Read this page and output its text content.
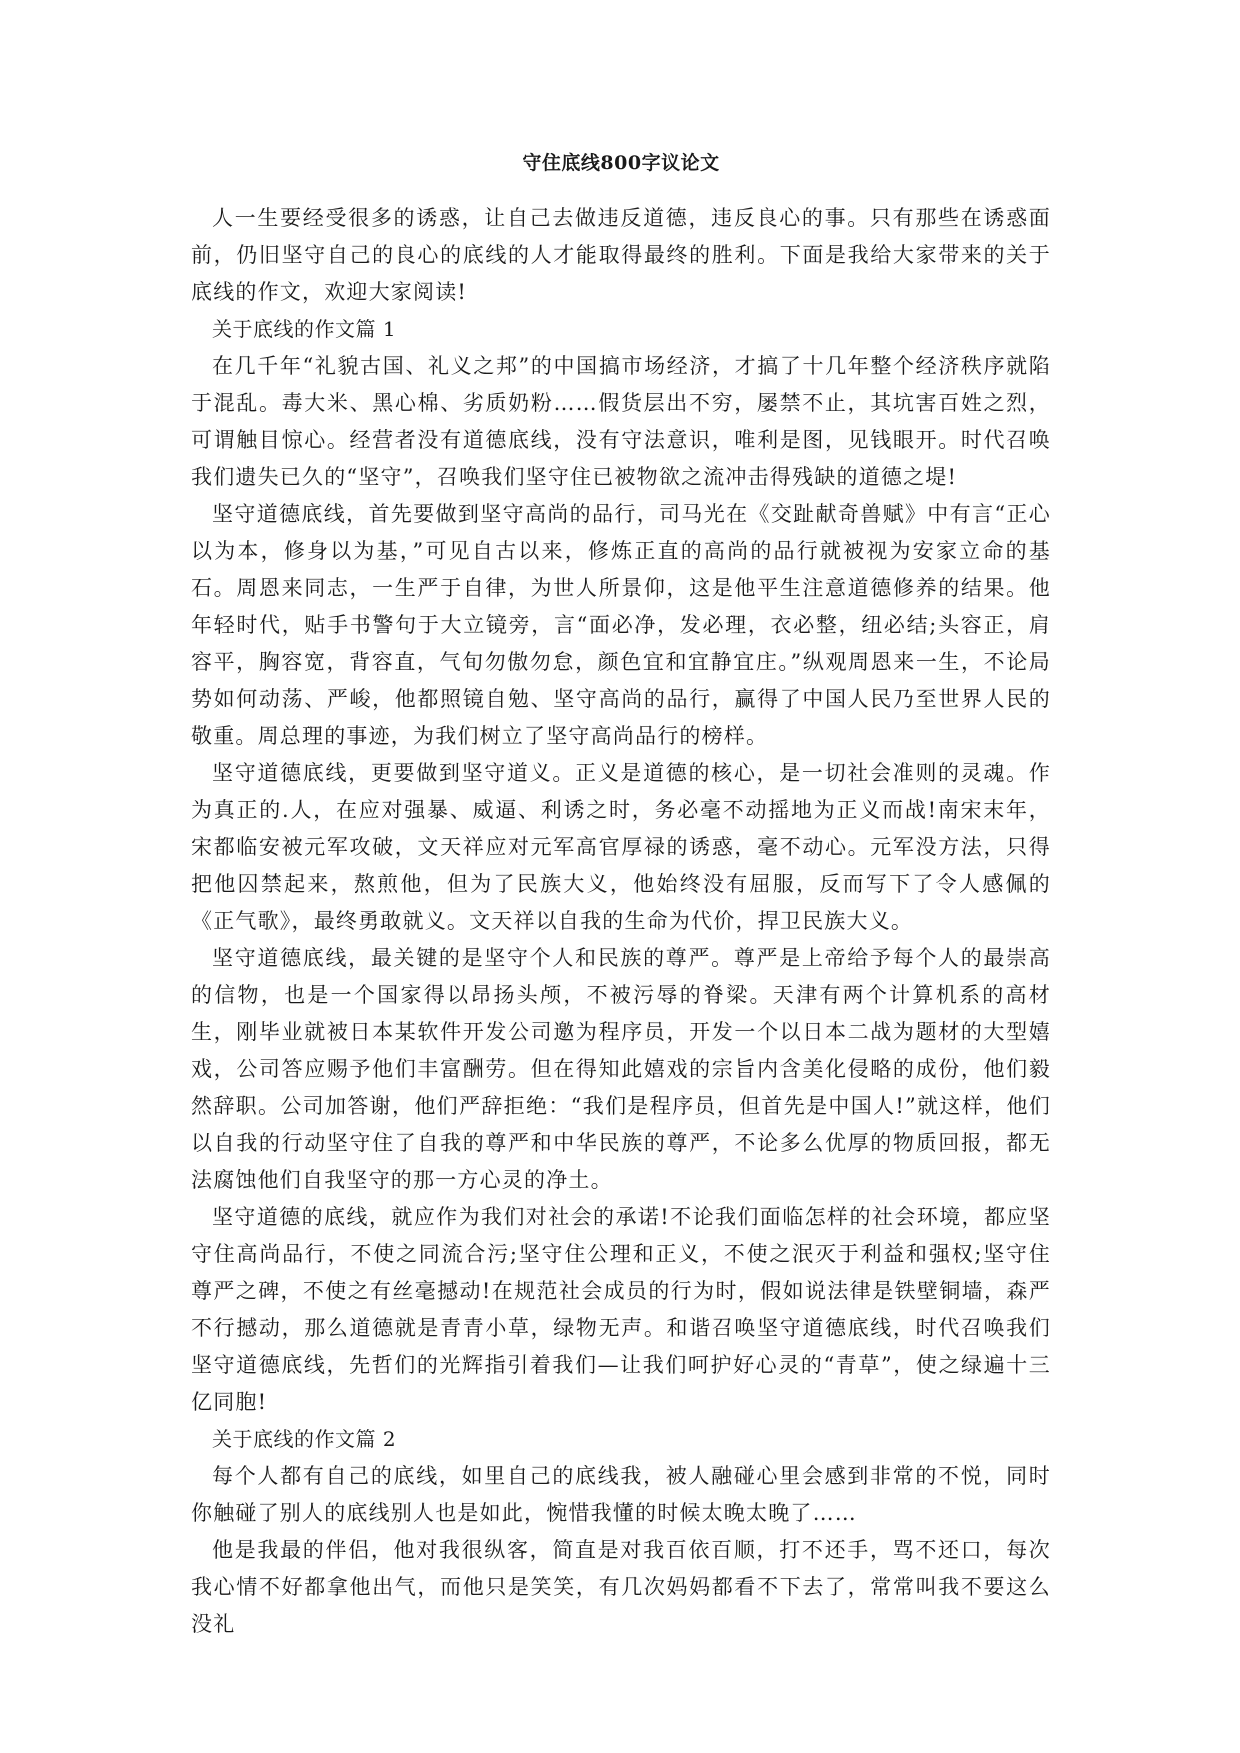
守住底线800字议论文

人一生要经受很多的诱惑，让自己去做违反道德，违反良心的事。只有那些在诱惑面前，仍旧坚守自己的良心的底线的人才能取得最终的胜利。下面是我给大家带来的关于底线的作文，欢迎大家阅读!

关于底线的作文篇 1

在几千年“礼貌古国、礼义之邦”的中国搞市场经济，才搞了十几年整个经济秩序就陷于混乱。毒大米、黑心棉、劣质奶粉……假货层出不穷，屡禁不止，其坑害百姓之烈，可谓触目惊心。经营者没有道德底线，没有守法意识，唯利是图，见钱眼开。时代召唤我们遗失已久的“坚守”，召唤我们坚守住已被物欲之流冲击得残缺的道德之堤!

坚守道德底线，首先要做到坚守高尚的品行，司马光在《交趾献奇兽赋》中有言“正心以为本，修身以为基，”可见自古以来，修炼正直的高尚的品行就被视为安家立命的基石。周恩来同志，一生严于自律，为世人所景仰，这是他平生注意道德修养的结果。他年轻时代，贴手书警句于大立镜旁，言“面必净，发必理，衣必整，纽必结;头容正，肩容平，胸容宽，背容直，气旬勿傲勿怠，颜色宜和宜静宜庄。”纵观周恩来一生，不论局势如何动荡、严峻，他都照镜自勉、坚守高尚的品行，赢得了中国人民乃至世界人民的敬重。周总理的事迹，为我们树立了坚守高尚品行的榜样。

坚守道德底线，更要做到坚守道义。正义是道德的核心，是一切社会准则的灵魂。作为真正的.人，在应对强暴、威逼、利诱之时，务必毫不动摇地为正义而战!南宋末年，宋都临安被元军攻破，文天祥应对元军高官厚禄的诱惑，毫不动心。元军没方法，只得把他囚禁起来，熬煎他，但为了民族大义，他始终没有屈服，反而写下了令人感佩的《正气歌》，最终勇敢就义。文天祥以自我的生命为代价，捍卫民族大义。

坚守道德底线，最关键的是坚守个人和民族的尊严。尊严是上帝给予每个人的最崇高的信物，也是一个国家得以昂扬头颅，不被污辱的脊梁。天津有两个计算机系的高材生，刚毕业就被日本某软件开发公司邀为程序员，开发一个以日本二战为题材的大型嬉戏，公司答应赐予他们丰富酬劳。但在得知此嬉戏的宗旨内含美化侵略的成份，他们毅然辞职。公司加答谢，他们严辞拒绝：“我们是程序员，但首先是中国人!”就这样，他们以自我的行动坚守住了自我的尊严和中华民族的尊严，不论多么优厚的物质回报，都无法腐蚀他们自我坚守的那一方心灵的净土。

坚守道德的底线，就应作为我们对社会的承诺!不论我们面临怎样的社会环境，都应坚守住高尚品行，不使之同流合污;坚守住公理和正义，不使之泯灭于利益和强权;坚守住尊严之碑，不使之有丝毫撼动!在规范社会成员的行为时，假如说法律是铁壁铜墙，森严不行撼动，那么道德就是青青小草，绿物无声。和谐召唤坚守道德底线，时代召唤我们坚守道德底线，先哲们的光辉指引着我们—让我们呵护好心灵的“青草”，使之绿遍十三亿同胞!

关于底线的作文篇 2

每个人都有自己的底线，如里自己的底线我，被人融碰心里会感到非常的不悦，同时你触碰了别人的底线别人也是如此，惋惜我懂的时候太晚太晚了……

他是我最的伴侣，他对我很纵客，简直是对我百依百顺，打不还手，骂不还口，每次我心情不好都拿他出气，而他只是笑笑，有几次妈妈都看不下去了，常常叫我不要这么没礼
